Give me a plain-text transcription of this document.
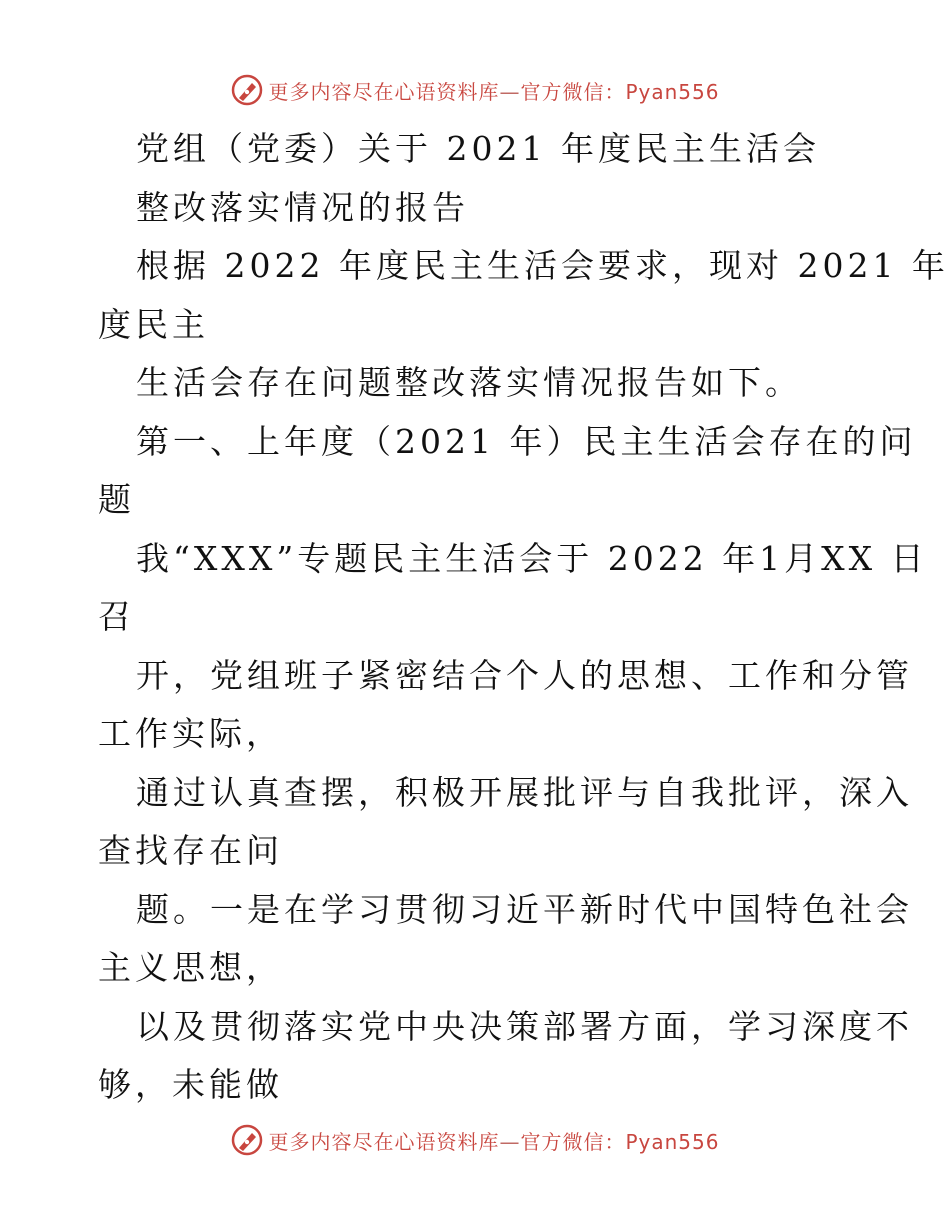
更多内容尽在心语资料库—官方微信：Pyan556
党组（党委）关于 2021 年度民主生活会
整改落实情况的报告
根据 2022 年度民主生活会要求，现对 2021 年
度民主
生活会存在问题整改落实情况报告如下。
第一、上年度（2021 年）民主生活会存在的问
题
我“XXX”专题民主生活会于 2022 年1月XX 日
召
开，党组班子紧密结合个人的思想、工作和分管
工作实际，
通过认真查摆，积极开展批评与自我批评，深入
查找存在问
题。一是在学习贯彻习近平新时代中国特色社会
主义思想，
以及贯彻落实党中央决策部署方面，学习深度不
够，未能做
更多内容尽在心语资料库—官方微信：Pyan556
